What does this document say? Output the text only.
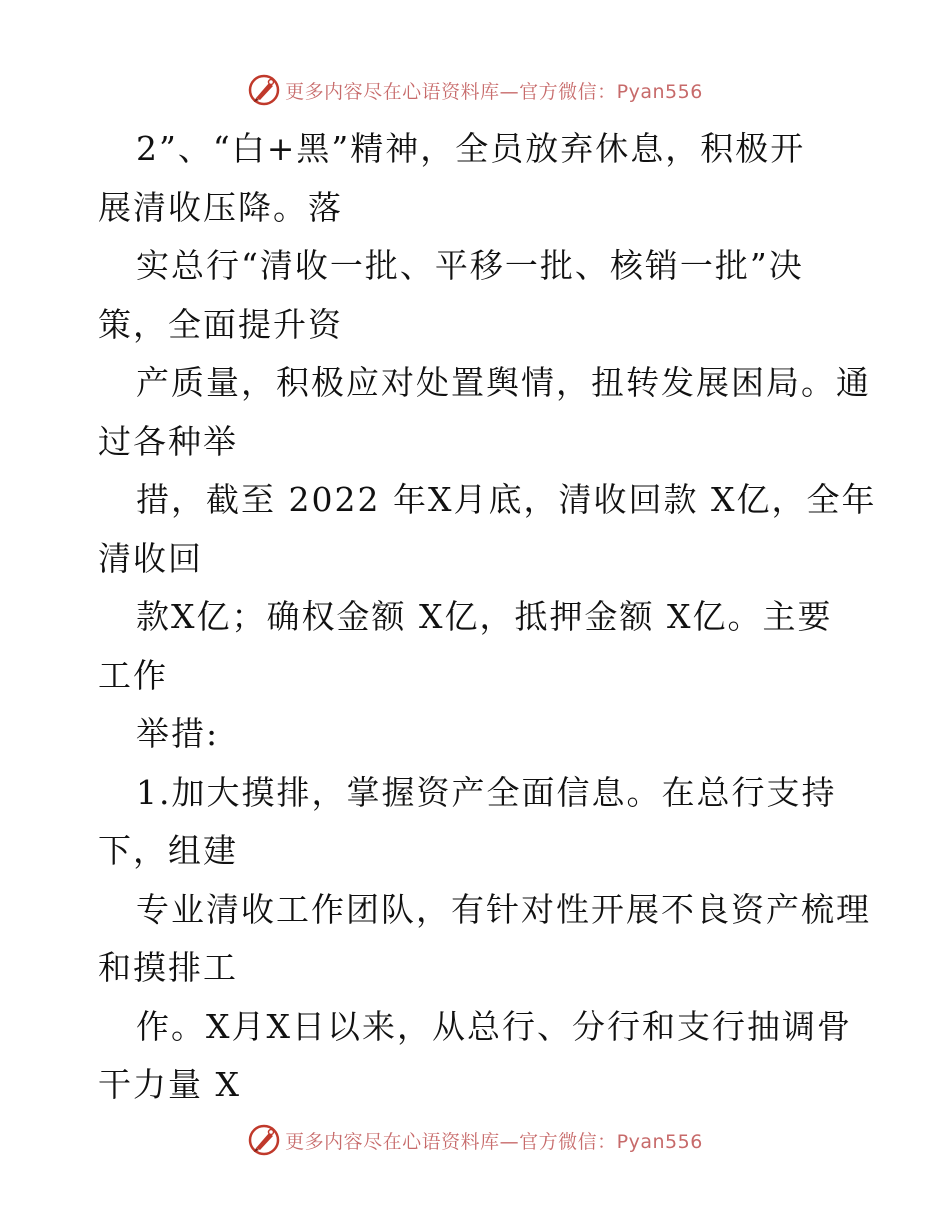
更多内容尽在心语资料库—官方微信：Pyan556
2”、“白+黑”精神，全员放弃休息，积极开
展清收压降。落
实总行“清收一批、平移一批、核销一批”决
策，全面提升资
产质量，积极应对处置舆情，扭转发展困局。通
过各种举
措，截至 2022 年X月底，清收回款 X亿，全年
清收回
款X亿；确权金额 X亿，抵押金额 X亿。主要
工作
举措:
1.加大摸排，掌握资产全面信息。在总行支持
下，组建
专业清收工作团队，有针对性开展不良资产梳理
和摸排工
作。X月X日以来，从总行、分行和支行抽调骨
干力量 X
更多内容尽在心语资料库—官方微信：Pyan556
